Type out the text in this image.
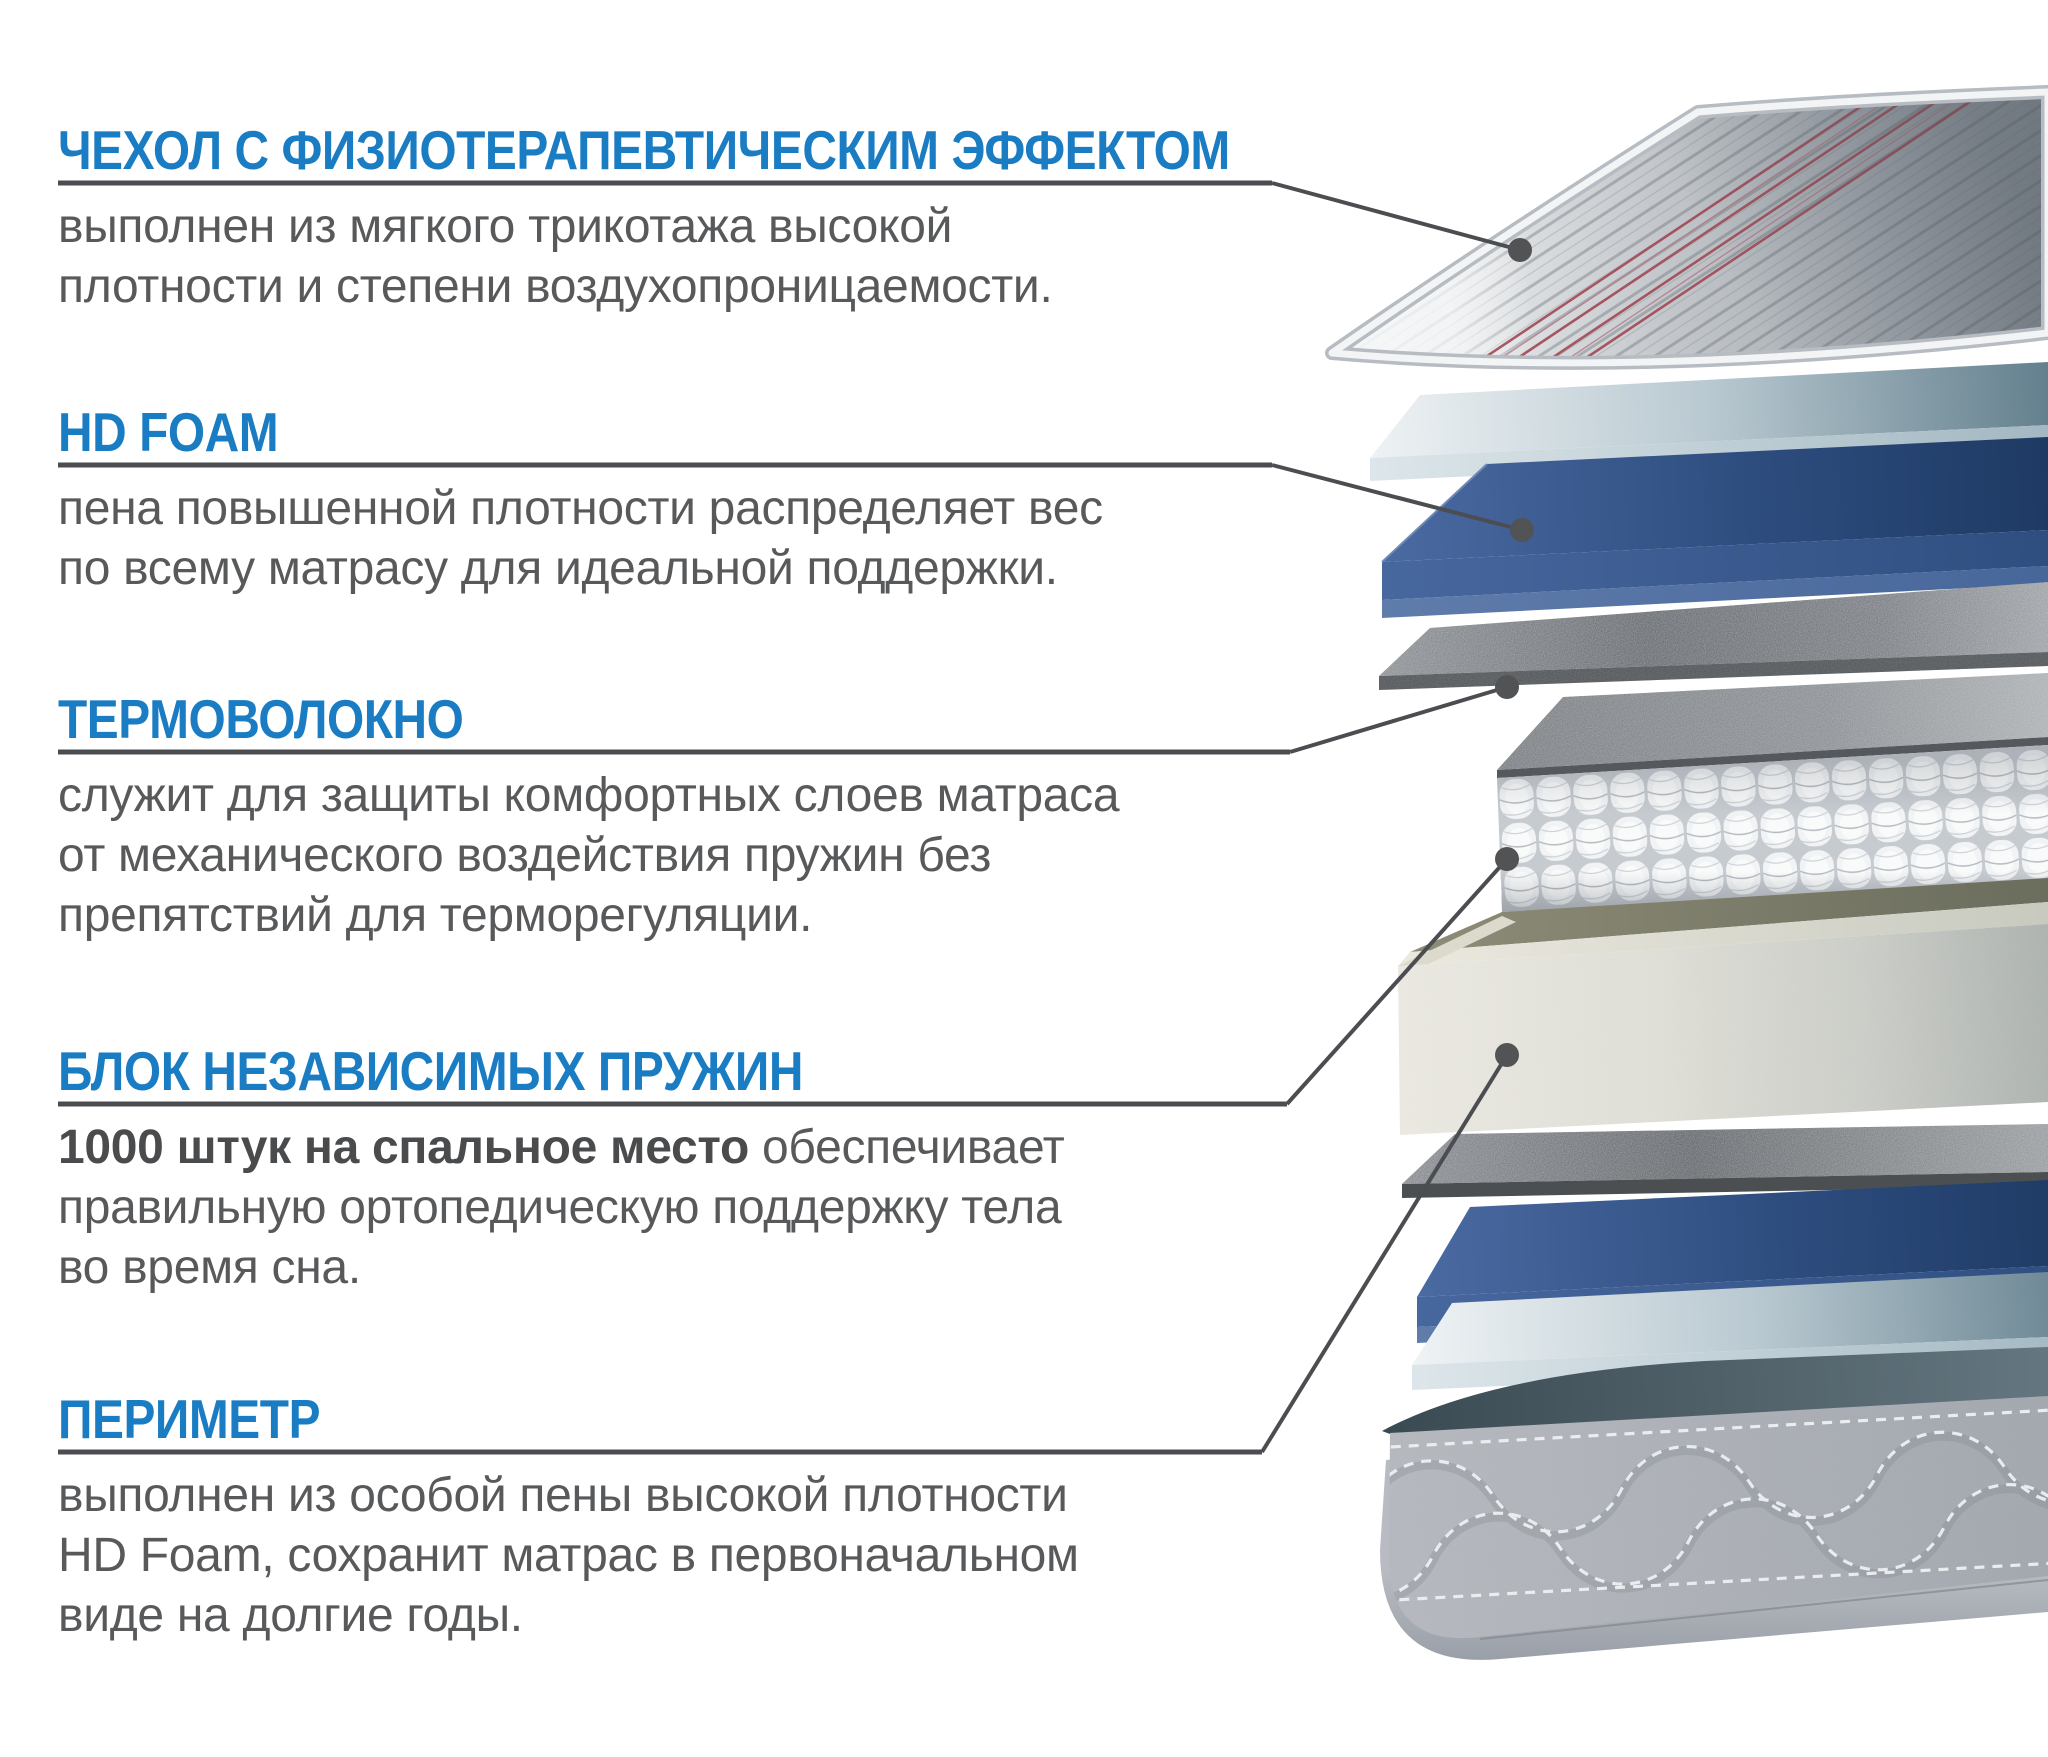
ЧЕХОЛ С ФИЗИОТЕРАПЕВТИЧЕСКИМ ЭФФЕКТОМ
выполнен из мягкого трикотажа высокой
плотности и степени воздухопроницаемости.
HD FOAM
пена повышенной плотности распределяет вес
по всему матрасу для идеальной поддержки.
ТЕРМОВОЛОКНО
служит для защиты комфортных слоев матраса
от механического воздействия пружин без
препятствий для терморегуляции.
БЛОК НЕЗАВИСИМЫХ ПРУЖИН
1000 штук на спальное место обеспечивает
правильную ортопедическую поддержку тела
во время сна.
ПЕРИМЕТР
выполнен из особой пены высокой плотности
HD Foam, сохранит матрас в первоначальном
виде на долгие годы.
